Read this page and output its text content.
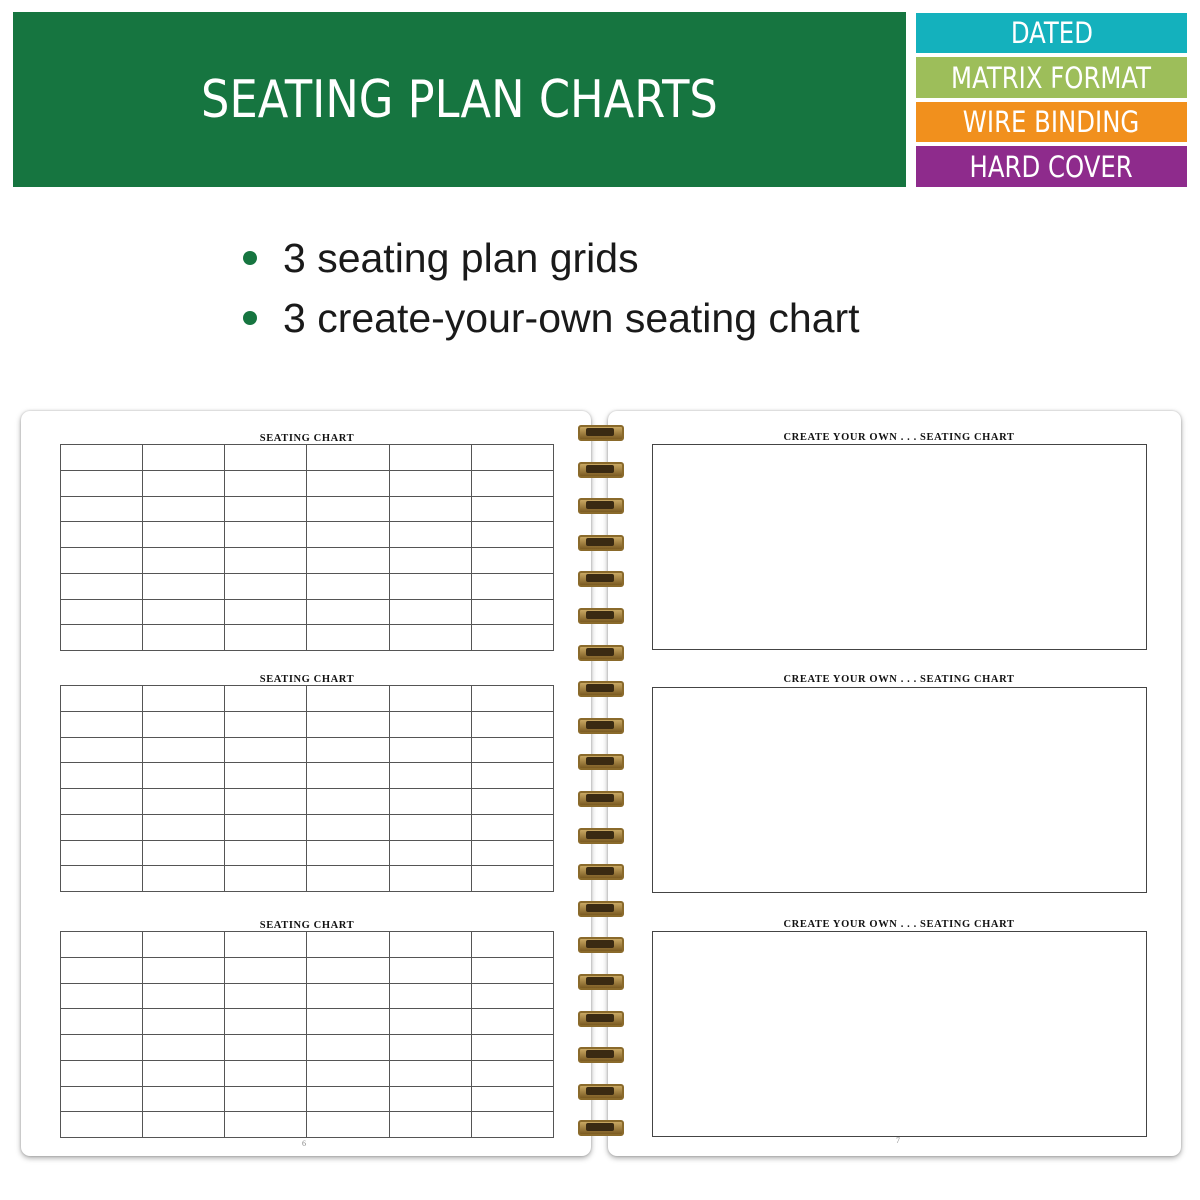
SEATING PLAN CHARTS
DATED
MATRIX FORMAT
WIRE BINDING
HARD COVER
3 seating plan grids
3 create-your-own seating chart
SEATING CHART

SEATING CHART

SEATING CHART

6
CREATE YOUR OWN . . . SEATING CHART
CREATE YOUR OWN . . . SEATING CHART
CREATE YOUR OWN . . . SEATING CHART
7
